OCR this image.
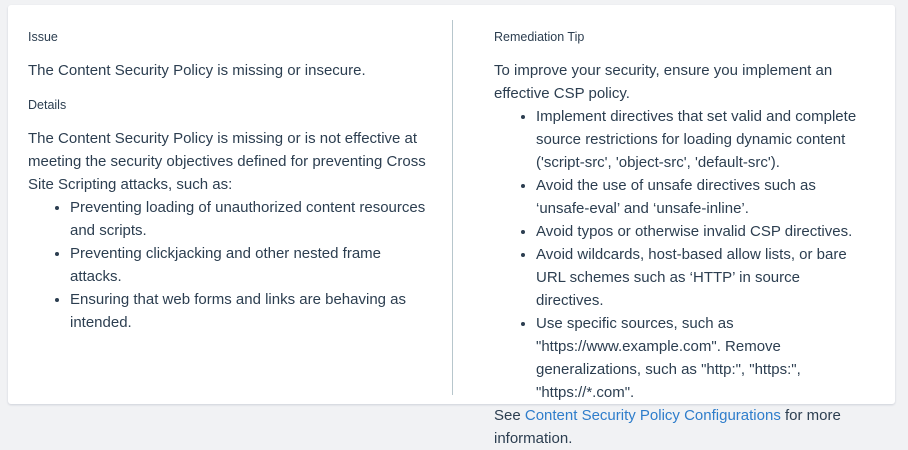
Issue

The Content Security Policy is missing or insecure.

Details

The Content Security Policy is missing or is not effective at meeting the security objectives defined for preventing Cross Site Scripting attacks, such as:

• Preventing loading of unauthorized content resources and scripts.
• Preventing clickjacking and other nested frame attacks.
• Ensuring that web forms and links are behaving as intended.
Remediation Tip

To improve your security, ensure you implement an effective CSP policy.

• Implement directives that set valid and complete source restrictions for loading dynamic content ('script-src', 'object-src', 'default-src').
• Avoid the use of unsafe directives such as ‘unsafe-eval’ and ‘unsafe-inline’.
• Avoid typos or otherwise invalid CSP directives.
• Avoid wildcards, host-based allow lists, or bare URL schemes such as ‘HTTP’ in source directives.
• Use specific sources, such as "https://www.example.com". Remove generalizations, such as "http:", "https:", "https://*.com".

See Content Security Policy Configurations for more information.
